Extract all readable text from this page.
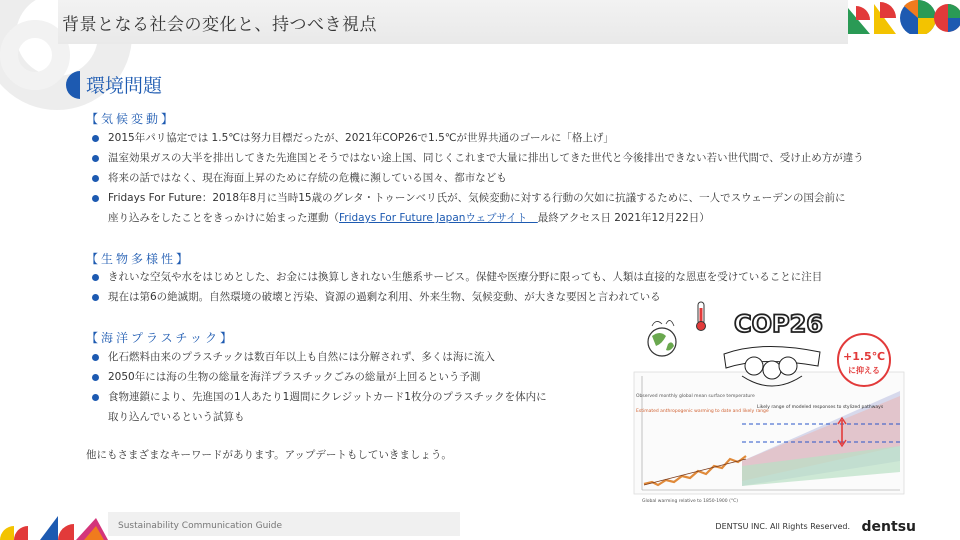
背景となる社会の変化と、持つべき視点
環境問題
【気候変動】
2015年パリ協定では 1.5℃は努力目標だったが、2021年COP26で1.5℃が世界共通のゴールに「格上げ」
温室効果ガスの大半を排出してきた先進国とそうではない途上国、同じくこれまで大量に排出してきた世代と今後排出できない若い世代間で、受け止め方が違う
将来の話ではなく、現在海面上昇のために存続の危機に瀕している国々、都市なども
Fridays For Future：2018年8月に当時15歳のグレタ・トゥーンベリ氏が、気候変動に対する行動の欠如に抗議するために、一人でスウェーデンの国会前に
座り込みをしたことをきっかけに始まった運動（Fridays For Future Japanウェブサイト　最終アクセス日 2021年12月22日）
【生物多様性】
きれいな空気や水をはじめとした、お金には換算しきれない生態系サービス。保健や医療分野に限っても、人類は直接的な恩恵を受けていることに注目
現在は第6の絶滅期。自然環境の破壊と汚染、資源の過剰な利用、外来生物、気候変動、が大きな要因と言われている
【海洋プラスチック】
化石燃料由来のプラスチックは数百年以上も自然には分解されず、多くは海に流入
2050年には海の生物の総量を海洋プラスチックごみの総量が上回るという予測
食物連鎖により、先進国の1人あたり1週間にクレジットカード1枚分のプラスチックを体内に
取り込んでいるという試算も
他にもさまざまなキーワードがあります。アップデートもしていきましょう。
Observed monthly global mean surface temperature
Estimated anthropogenic warming to date and likely range
Likely range of modeled responses to stylized pathways
Global warming relative to 1850-1900 (°C)
COP26
+1.5℃
に抑える
Sustainability Communication Guide	DENTSU INC. All Rights Reserved. dentsu
